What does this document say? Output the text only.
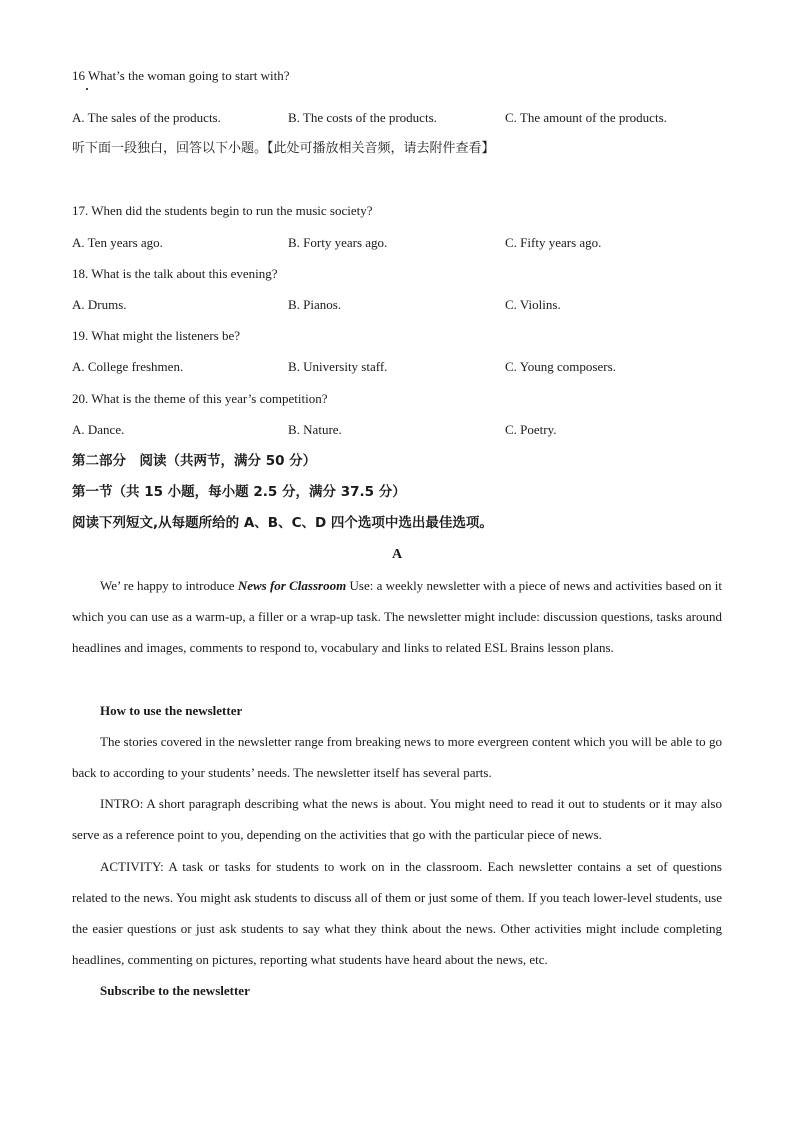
16 What’s the woman going to start with?
A. The sales of the products.	B. The costs of the products.	C. The amount of the products.
听下面一段独白，回答以下小题。【此处可播放相关音频，请去附件查看】
17. When did the students begin to run the music society?
A. Ten years ago.	B. Forty years ago.	C. Fifty years ago.
18. What is the talk about this evening?
A. Drums.	B. Pianos.	C. Violins.
19. What might the listeners be?
A. College freshmen.	B. University staff.	C. Young composers.
20. What is the theme of this year’s competition?
A. Dance.	B. Nature.	C. Poetry.
第二部分　阅读（共两节，满分 50 分）
第一节（共 15 小题，每小题 2.5 分，满分 37.5 分）
阅读下列短文,从每题所给的 A、B、C、D 四个选项中选出最佳选项。
A
We’ re happy to introduce News for Classroom Use: a weekly newsletter with a piece of news and activities based on it which you can use as a warm-up, a filler or a wrap-up task. The newsletter might include: discussion questions, tasks around headlines and images, comments to respond to, vocabulary and links to related ESL Brains lesson plans.
How to use the newsletter
The stories covered in the newsletter range from breaking news to more evergreen content which you will be able to go back to according to your students’ needs. The newsletter itself has several parts.
INTRO: A short paragraph describing what the news is about. You might need to read it out to students or it may also serve as a reference point to you, depending on the activities that go with the particular piece of news.
ACTIVITY: A task or tasks for students to work on in the classroom. Each newsletter contains a set of questions related to the news. You might ask students to discuss all of them or just some of them. If you teach lower-level students, use the easier questions or just ask students to say what they think about the news. Other activities might include completing headlines, commenting on pictures, reporting what students have heard about the news, etc.
Subscribe to the newsletter
